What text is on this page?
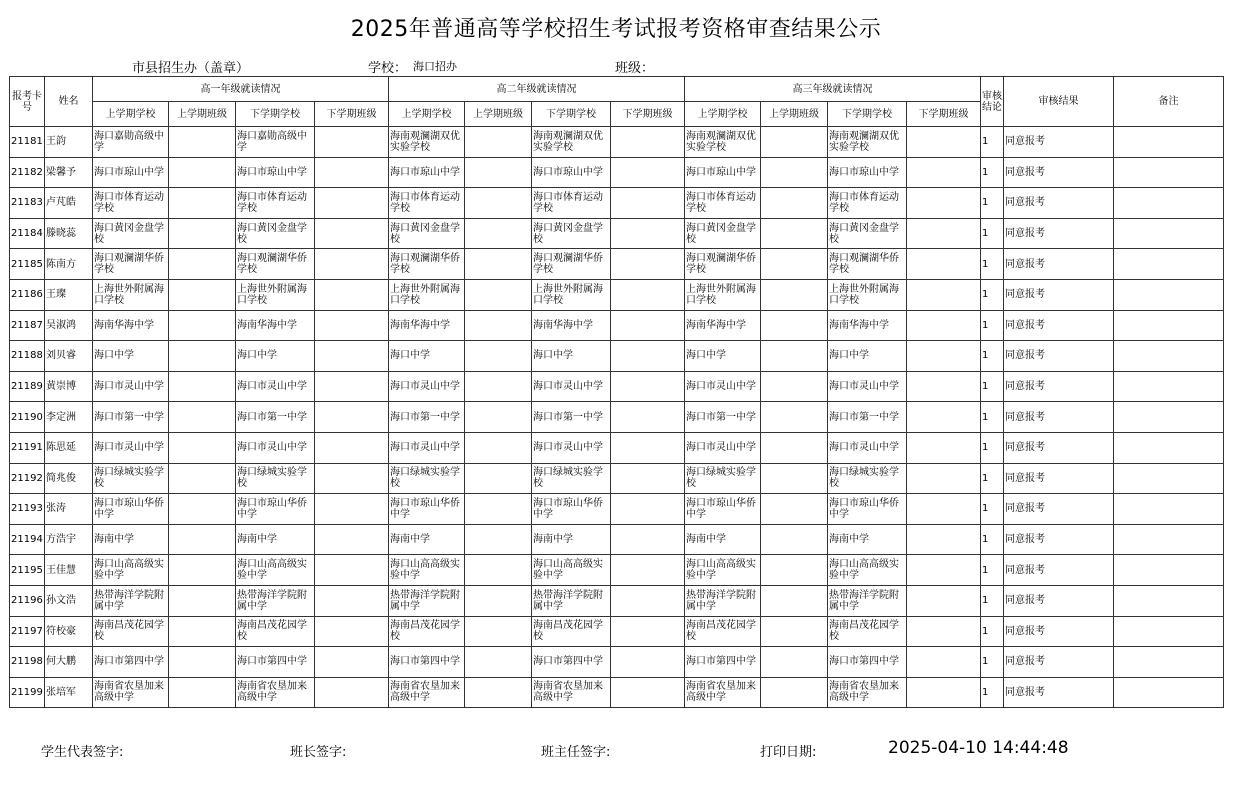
2025年普通高等学校招生考试报考资格审查结果公示
市县招生办（盖章）	学校： 海口招办	班级：
报考卡号	姓名	高一年级就读情况				高二年级就读情况				高三年级就读情况				审核结论	审核结果	备注
		上学期学校	上学期班级	下学期学校	下学期班级	上学期学校	上学期班级	下学期学校	下学期班级	上学期学校	上学期班级	下学期学校	下学期班级			
21181	王韵	海口嘉勋高级中学		海口嘉勋高级中学		海南观澜湖双优实验学校		海南观澜湖双优实验学校		海南观澜湖双优实验学校		海南观澜湖双优实验学校		1	同意报考	
21182	梁馨予	海口市琼山中学		海口市琼山中学		海口市琼山中学		海口市琼山中学		海口市琼山中学		海口市琼山中学		1	同意报考	
21183	卢芃皓	海口市体育运动学校		海口市体育运动学校		海口市体育运动学校		海口市体育运动学校		海口市体育运动学校		海口市体育运动学校		1	同意报考	
21184	滕晓蕊	海口黄冈金盘学校		海口黄冈金盘学校		海口黄冈金盘学校		海口黄冈金盘学校		海口黄冈金盘学校		海口黄冈金盘学校		1	同意报考	
21185	陈南方	海口观澜湖华侨学校		海口观澜湖华侨学校		海口观澜湖华侨学校		海口观澜湖华侨学校		海口观澜湖华侨学校		海口观澜湖华侨学校		1	同意报考	
21186	王璨	上海世外附属海口学校		上海世外附属海口学校		上海世外附属海口学校		上海世外附属海口学校		上海世外附属海口学校		上海世外附属海口学校		1	同意报考	
21187	吴淑鸿	海南华海中学		海南华海中学		海南华海中学		海南华海中学		海南华海中学		海南华海中学		1	同意报考	
21188	刘贝睿	海口中学		海口中学		海口中学		海口中学		海口中学		海口中学		1	同意报考	
21189	黄崇博	海口市灵山中学		海口市灵山中学		海口市灵山中学		海口市灵山中学		海口市灵山中学		海口市灵山中学		1	同意报考	
21190	李定洲	海口市第一中学		海口市第一中学		海口市第一中学		海口市第一中学		海口市第一中学		海口市第一中学		1	同意报考	
21191	陈思延	海口市灵山中学		海口市灵山中学		海口市灵山中学		海口市灵山中学		海口市灵山中学		海口市灵山中学		1	同意报考	
21192	简兆俊	海口绿城实验学校		海口绿城实验学校		海口绿城实验学校		海口绿城实验学校		海口绿城实验学校		海口绿城实验学校		1	同意报考	
21193	张涛	海口市琼山华侨中学		海口市琼山华侨中学		海口市琼山华侨中学		海口市琼山华侨中学		海口市琼山华侨中学		海口市琼山华侨中学		1	同意报考	
21194	方浩宇	海南中学		海南中学		海南中学		海南中学		海南中学		海南中学		1	同意报考	
21195	王佳慧	海口山高高级实验中学		海口山高高级实验中学		海口山高高级实验中学		海口山高高级实验中学		海口山高高级实验中学		海口山高高级实验中学		1	同意报考	
21196	孙文浩	热带海洋学院附属中学		热带海洋学院附属中学		热带海洋学院附属中学		热带海洋学院附属中学		热带海洋学院附属中学		热带海洋学院附属中学		1	同意报考	
21197	符校豪	海南昌茂花园学校		海南昌茂花园学校		海南昌茂花园学校		海南昌茂花园学校		海南昌茂花园学校		海南昌茂花园学校		1	同意报考	
21198	何大鹏	海口市第四中学		海口市第四中学		海口市第四中学		海口市第四中学		海口市第四中学		海口市第四中学		1	同意报考	
21199	张培军	海南省农垦加来高级中学		海南省农垦加来高级中学		海南省农垦加来高级中学		海南省农垦加来高级中学		海南省农垦加来高级中学		海南省农垦加来高级中学		1	同意报考	
学生代表签字:	班长签字:	班主任签字:	打印日期:	2025-04-10 14:44:48
